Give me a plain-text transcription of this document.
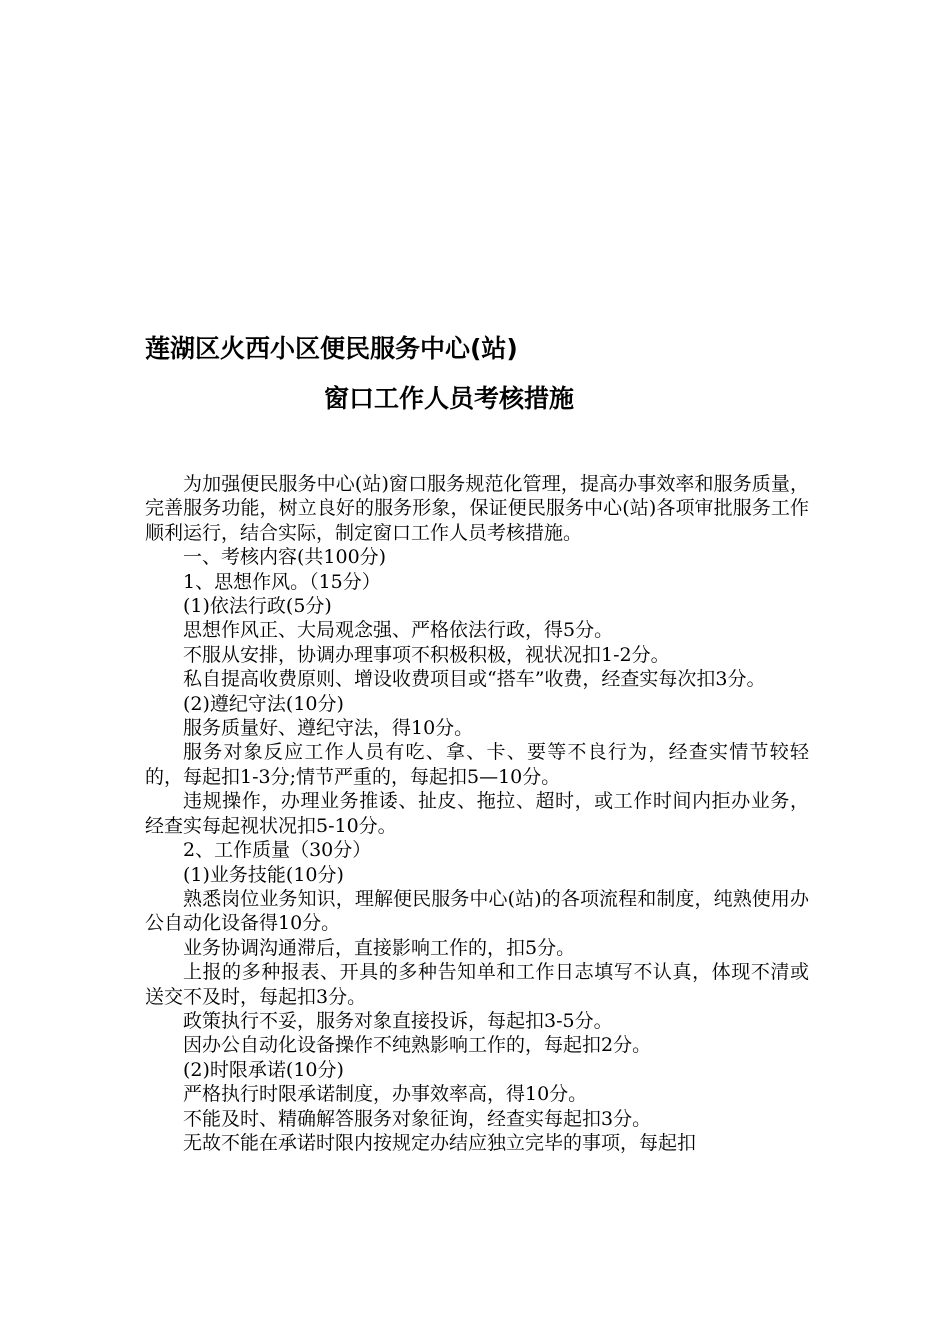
莲湖区火西小区便民服务中心(站)
窗口工作人员考核措施

为加强便民服务中心(站)窗口服务规范化管理，提高办事效率和服务质量，完善服务功能，树立良好的服务形象，保证便民服务中心(站)各项审批服务工作顺利运行，结合实际，制定窗口工作人员考核措施。

一、考核内容(共100分)

1、思想作风。（15分）

(1)依法行政(5分)

思想作风正、大局观念强、严格依法行政，得5分。

不服从安排，协调办理事项不积极积极，视状况扣1-2分。

私自提高收费原则、增设收费项目或“搭车”收费，经查实每次扣3分。

(2)遵纪守法(10分)

服务质量好、遵纪守法，得10分。

服务对象反应工作人员有吃、拿、卡、要等不良行为，经查实情节较轻的，每起扣1-3分;情节严重的，每起扣5—10分。

违规操作，办理业务推诿、扯皮、拖拉、超时，或工作时间内拒办业务，经查实每起视状况扣5-10分。

2、工作质量（30分）

(1)业务技能(10分)

熟悉岗位业务知识，理解便民服务中心(站)的各项流程和制度，纯熟使用办公自动化设备得10分。

业务协调沟通滞后，直接影响工作的，扣5分。

上报的多种报表、开具的多种告知单和工作日志填写不认真，体现不清或送交不及时，每起扣3分。

政策执行不妥，服务对象直接投诉，每起扣3-5分。

因办公自动化设备操作不纯熟影响工作的，每起扣2分。

(2)时限承诺(10分)

严格执行时限承诺制度，办事效率高，得10分。

不能及时、精确解答服务对象征询，经查实每起扣3分。

无故不能在承诺时限内按规定办结应独立完毕的事项，每起扣
